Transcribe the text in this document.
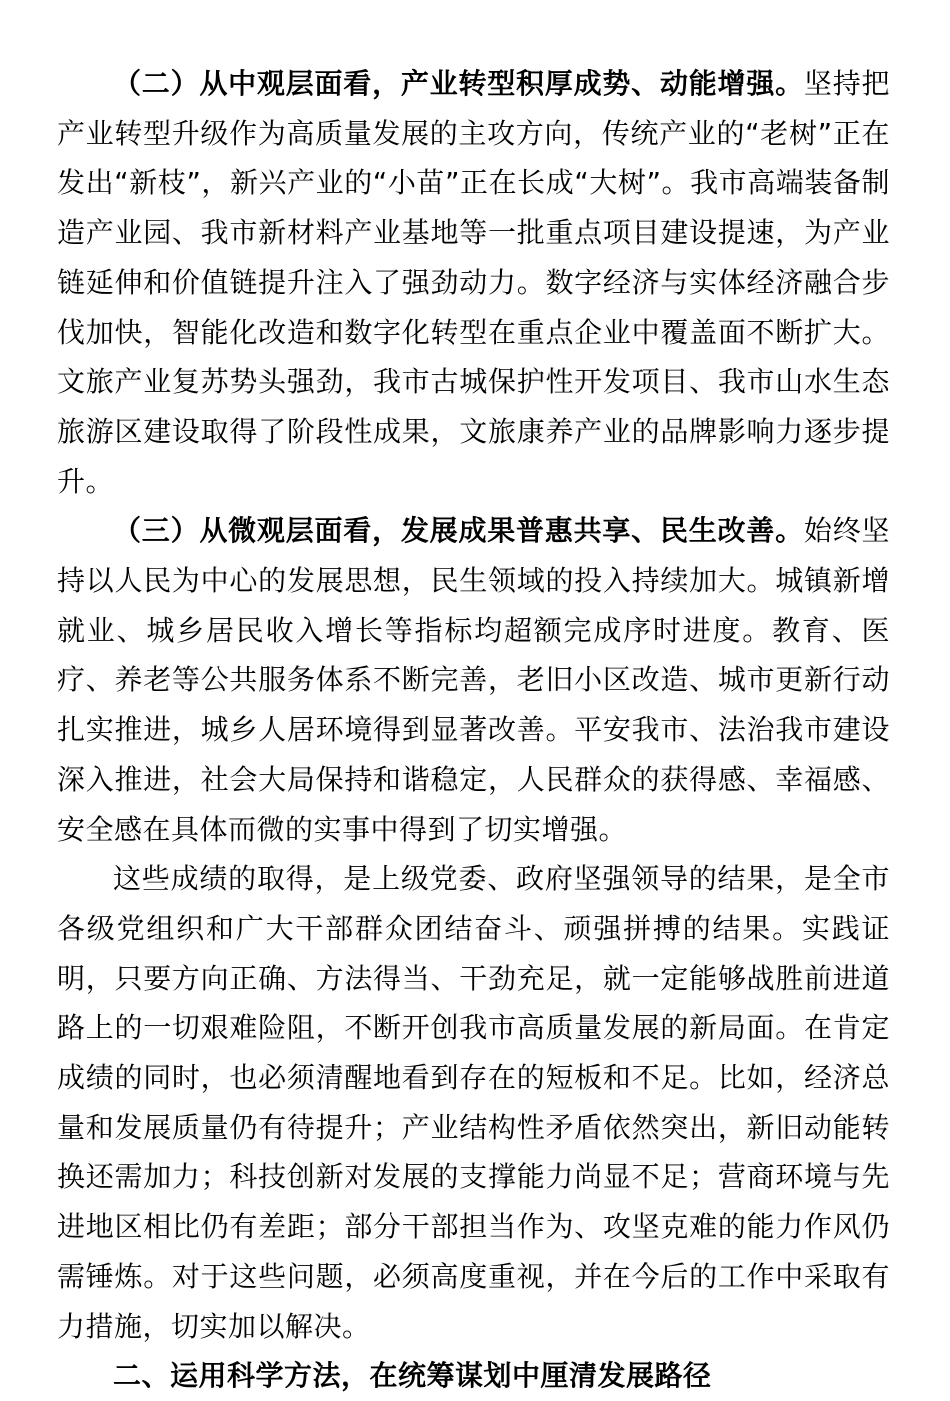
（二）从中观层面看，产业转型积厚成势、动能增强。坚持把产业转型升级作为高质量发展的主攻方向，传统产业的“老树”正在发出“新枝”，新兴产业的“小苗”正在长成“大树”。我市高端装备制造产业园、我市新材料产业基地等一批重点项目建设提速，为产业链延伸和价值链提升注入了强劲动力。数字经济与实体经济融合步伐加快，智能化改造和数字化转型在重点企业中覆盖面不断扩大。文旅产业复苏势头强劲，我市古城保护性开发项目、我市山水生态旅游区建设取得了阶段性成果，文旅康养产业的品牌影响力逐步提升。

（三）从微观层面看，发展成果普惠共享、民生改善。始终坚持以人民为中心的发展思想，民生领域的投入持续加大。城镇新增就业、城乡居民收入增长等指标均超额完成序时进度。教育、医疗、养老等公共服务体系不断完善，老旧小区改造、城市更新行动扎实推进，城乡人居环境得到显著改善。平安我市、法治我市建设深入推进，社会大局保持和谐稳定，人民群众的获得感、幸福感、安全感在具体而微的实事中得到了切实增强。

这些成绩的取得，是上级党委、政府坚强领导的结果，是全市各级党组织和广大干部群众团结奋斗、顽强拼搏的结果。实践证明，只要方向正确、方法得当、干劲充足，就一定能够战胜前进道路上的一切艰难险阻，不断开创我市高质量发展的新局面。在肯定成绩的同时，也必须清醒地看到存在的短板和不足。比如，经济总量和发展质量仍有待提升；产业结构性矛盾依然突出，新旧动能转换还需加力；科技创新对发展的支撑能力尚显不足；营商环境与先进地区相比仍有差距；部分干部担当作为、攻坚克难的能力作风仍需锤炼。对于这些问题，必须高度重视，并在今后的工作中采取有力措施，切实加以解决。

二、运用科学方法，在统筹谋划中厘清发展路径
